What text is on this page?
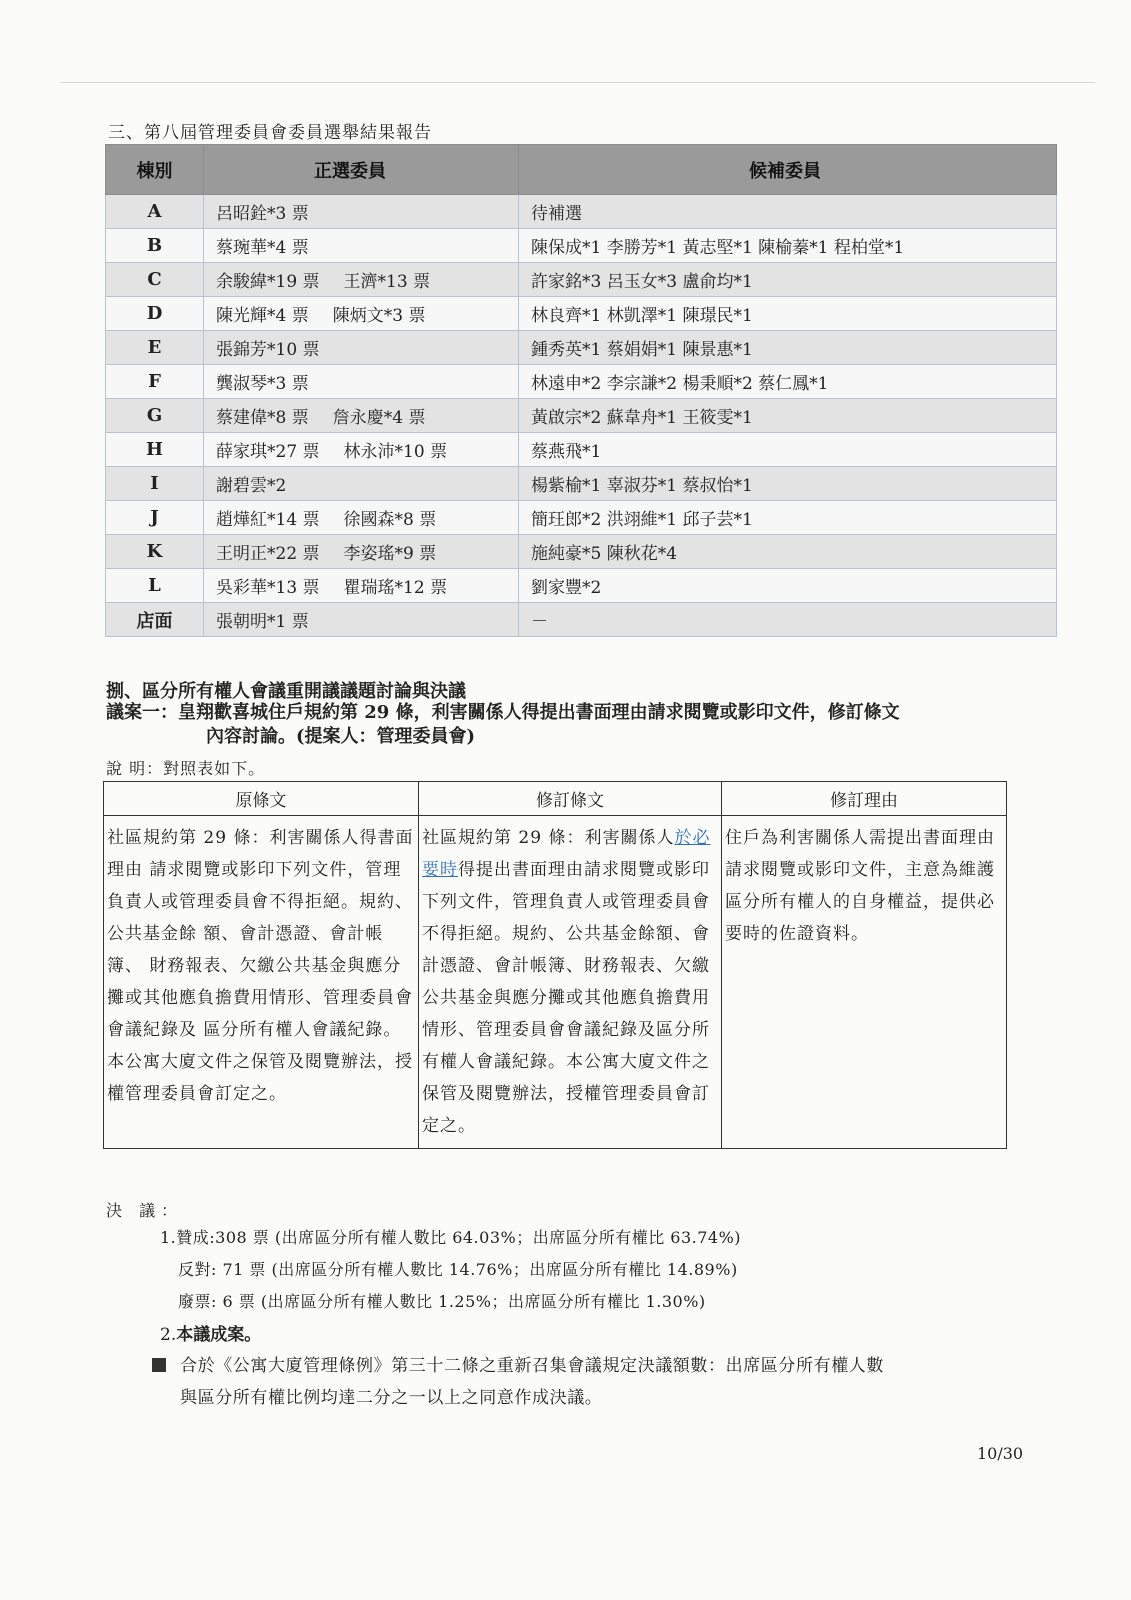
三、第八屆管理委員會委員選舉結果報告
棟別	正選委員	候補委員
A	呂昭銓*3 票	待補選
B	蔡琬華*4 票	陳保成*1 李勝芳*1 黃志堅*1 陳榆蓁*1 程柏堂*1
C	余駿緯*19 票 王濟*13 票	許家銘*3 呂玉女*3 盧俞均*1
D	陳光輝*4 票 陳炳文*3 票	林良齊*1 林凱澤*1 陳璟民*1
E	張錦芳*10 票	鍾秀英*1 蔡娟娟*1 陳景惠*1
F	龔淑琴*3 票	林遠申*2 李宗謙*2 楊秉順*2 蔡仁鳳*1
G	蔡建偉*8 票 詹永慶*4 票	黃啟宗*2 蘇韋舟*1 王筱雯*1
H	薛家琪*27 票 林永沛*10 票	蔡燕飛*1
I	謝碧雲*2	楊紫榆*1 辜淑芬*1 蔡叔怡*1
J	趙燁紅*14 票 徐國森*8 票	簡玨郎*2 洪翊維*1 邱子芸*1
K	王明正*22 票 李姿瑤*9 票	施純豪*5 陳秋花*4
L	吳彩華*13 票 瞿瑞瑤*12 票	劉家豐*2
店面	張朝明*1 票	－
捌、區分所有權人會議重開議議題討論與決議
議案一：皇翔歡喜城住戶規約第 29 條，利害關係人得提出書面理由請求閱覽或影印文件，修訂條文
內容討論。(提案人：管理委員會)
說 明：對照表如下。
原條文	修訂條文	修訂理由
社區規約第 29 條：利害關係人得書面理由 請求閱覽或影印下列文件，管理負責人或管理委員會不得拒絕。規約、公共基金餘 額、會計憑證、會計帳簿、 財務報表、欠繳公共基金與應分攤或其他應負擔費用情形、管理委員會會議紀錄及 區分所有權人會議紀錄。本公寓大廈文件之保管及閱覽辦法，授權管理委員會訂定之。	社區規約第 29 條：利害關係人於必要時得提出書面理由請求閱覽或影印下列文件，管理負責人或管理委員會不得拒絕。規約、公共基金餘額、會計憑證、會計帳簿、財務報表、欠繳公共基金與應分攤或其他應負擔費用情形、管理委員會會議紀錄及區分所有權人會議紀錄。本公寓大廈文件之保管及閱覽辦法，授權管理委員會訂定之。	住戶為利害關係人需提出書面理由請求閱覽或影印文件，主意為維護區分所有權人的自身權益，提供必要時的佐證資料。
決 議：
1.贊成:308 票 (出席區分所有權人數比 64.03%；出席區分所有權比 63.74%)
反對: 71 票 (出席區分所有權人數比 14.76%；出席區分所有權比 14.89%)
廢票: 6 票 (出席區分所有權人數比 1.25%；出席區分所有權比 1.30%)
2.本議成案。
合於《公寓大廈管理條例》第三十二條之重新召集會議規定決議額數：出席區分所有權人數
與區分所有權比例均達二分之一以上之同意作成決議。
10/30
